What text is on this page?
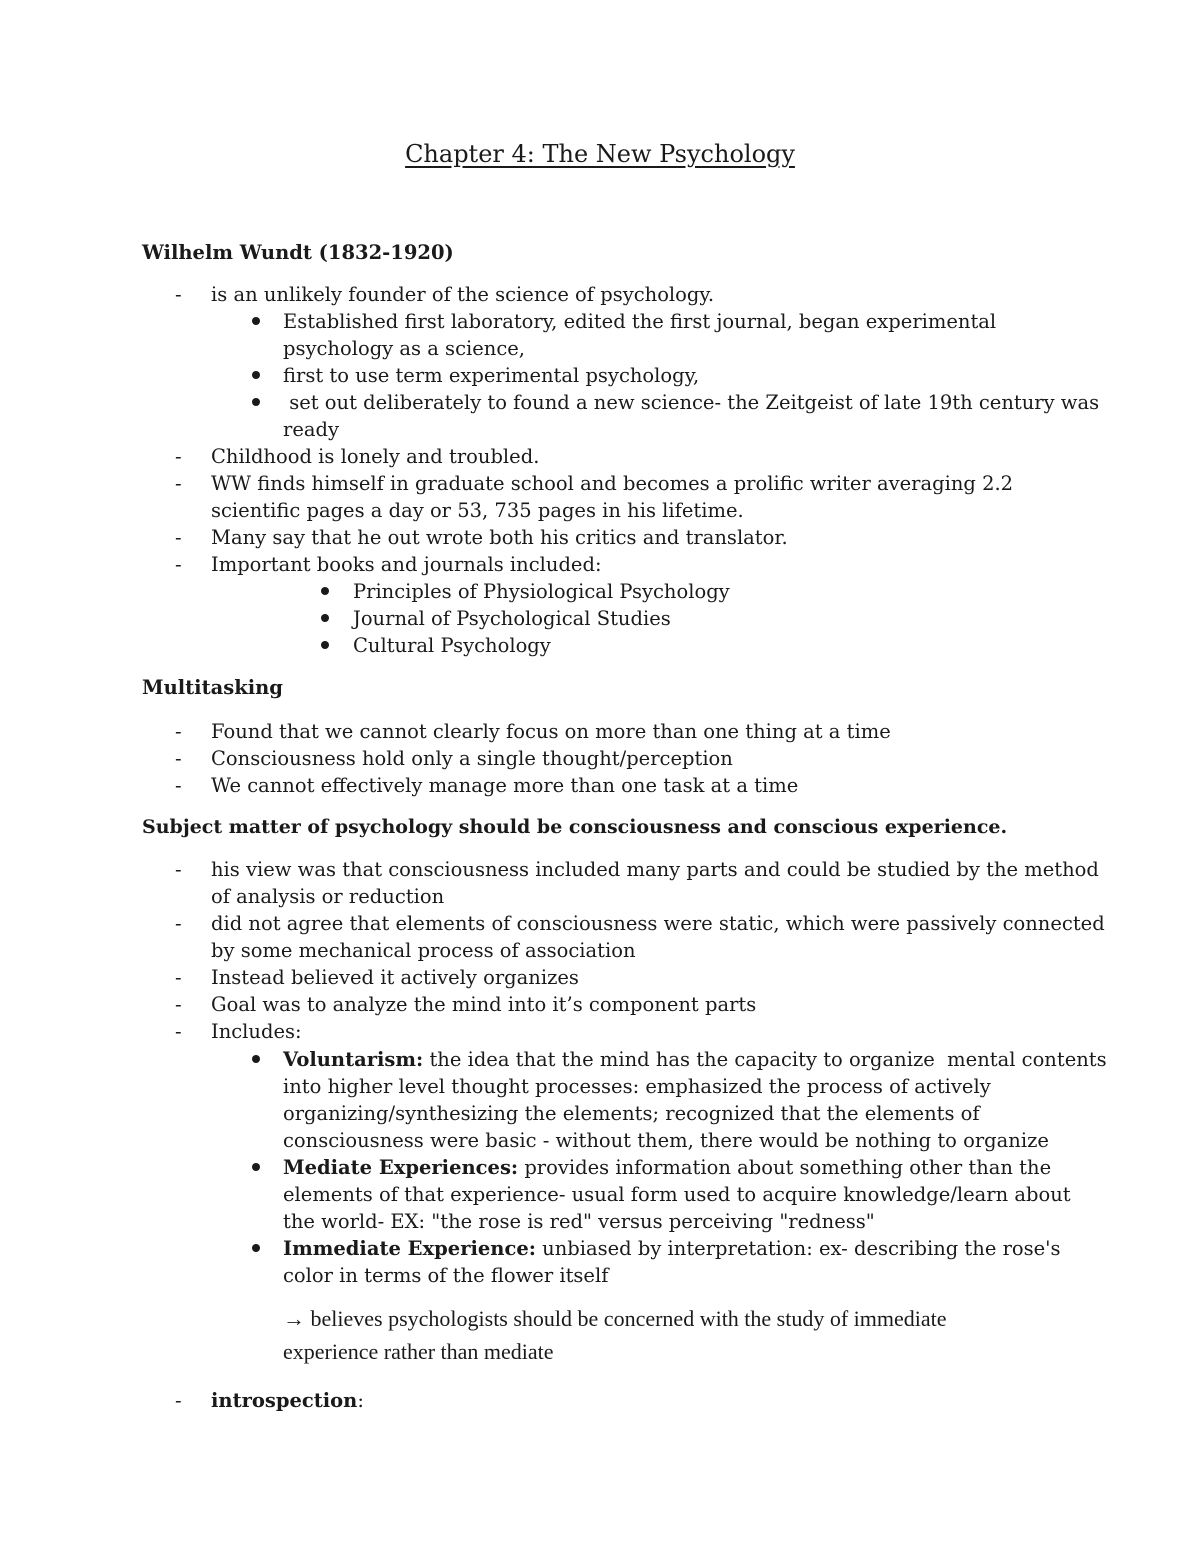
Chapter 4: The New Psychology
Wilhelm Wundt (1832-1920)
- is an unlikely founder of the science of psychology.
Established first laboratory, edited the first journal, began experimental
psychology as a science,
first to use term experimental psychology,
set out deliberately to found a new science- the Zeitgeist of late 19th century was
ready
- Childhood is lonely and troubled.
- WW finds himself in graduate school and becomes a prolific writer averaging 2.2
scientific pages a day or 53, 735 pages in his lifetime.
- Many say that he out wrote both his critics and translator.
- Important books and journals included:
Principles of Physiological Psychology
Journal of Psychological Studies
Cultural Psychology
Multitasking
- Found that we cannot clearly focus on more than one thing at a time
- Consciousness hold only a single thought/perception
- We cannot effectively manage more than one task at a time
Subject matter of psychology should be consciousness and conscious experience.
- his view was that consciousness included many parts and could be studied by the method
of analysis or reduction
- did not agree that elements of consciousness were static, which were passively connected
by some mechanical process of association
- Instead believed it actively organizes
- Goal was to analyze the mind into it’s component parts
- Includes:
Voluntarism: the idea that the mind has the capacity to organize  mental contents
into higher level thought processes: emphasized the process of actively
organizing/synthesizing the elements; recognized that the elements of
consciousness were basic - without them, there would be nothing to organize
Mediate Experiences: provides information about something other than the
elements of that experience- usual form used to acquire knowledge/learn about
the world- EX: "the rose is red" versus perceiving "redness"
Immediate Experience: unbiased by interpretation: ex- describing the rose's
color in terms of the flower itself
→ believes psychologists should be concerned with the study of immediate
experience rather than mediate
- introspection:
